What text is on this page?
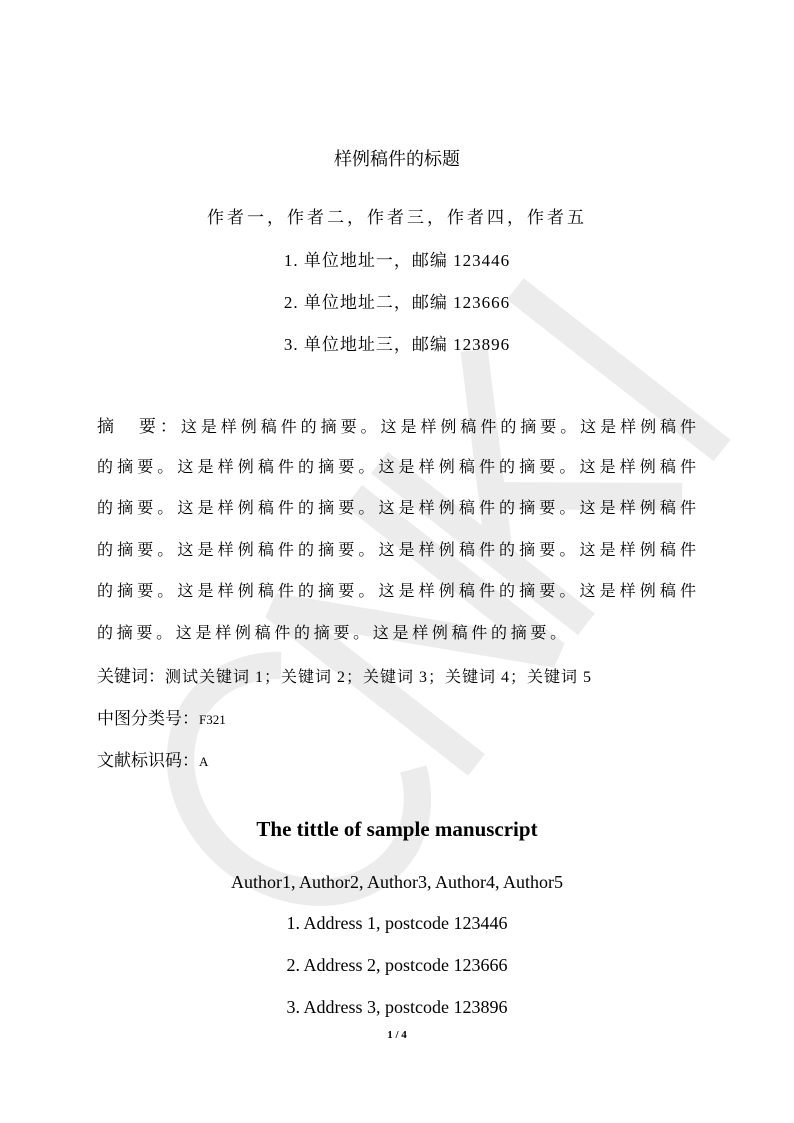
样例稿件的标题
作者一，作者二，作者三，作者四，作者五
1. 单位地址一，邮编 123446
2. 单位地址二，邮编 123666
3. 单位地址三，邮编 123896
摘　要：这是样例稿件的摘要。这是样例稿件的摘要。这是样例稿件
的摘要。这是样例稿件的摘要。这是样例稿件的摘要。这是样例稿件
的摘要。这是样例稿件的摘要。这是样例稿件的摘要。这是样例稿件
的摘要。这是样例稿件的摘要。这是样例稿件的摘要。这是样例稿件
的摘要。这是样例稿件的摘要。这是样例稿件的摘要。这是样例稿件
的摘要。这是样例稿件的摘要。这是样例稿件的摘要。
关键词：测试关键词 1；关键词 2；关键词 3；关键词 4；关键词 5
中图分类号：F321
文献标识码：A
The tittle of sample manuscript
Author1, Author2, Author3, Author4, Author5
1. Address 1, postcode 123446
2. Address 2, postcode 123666
3. Address 3, postcode 123896
1 / 4
